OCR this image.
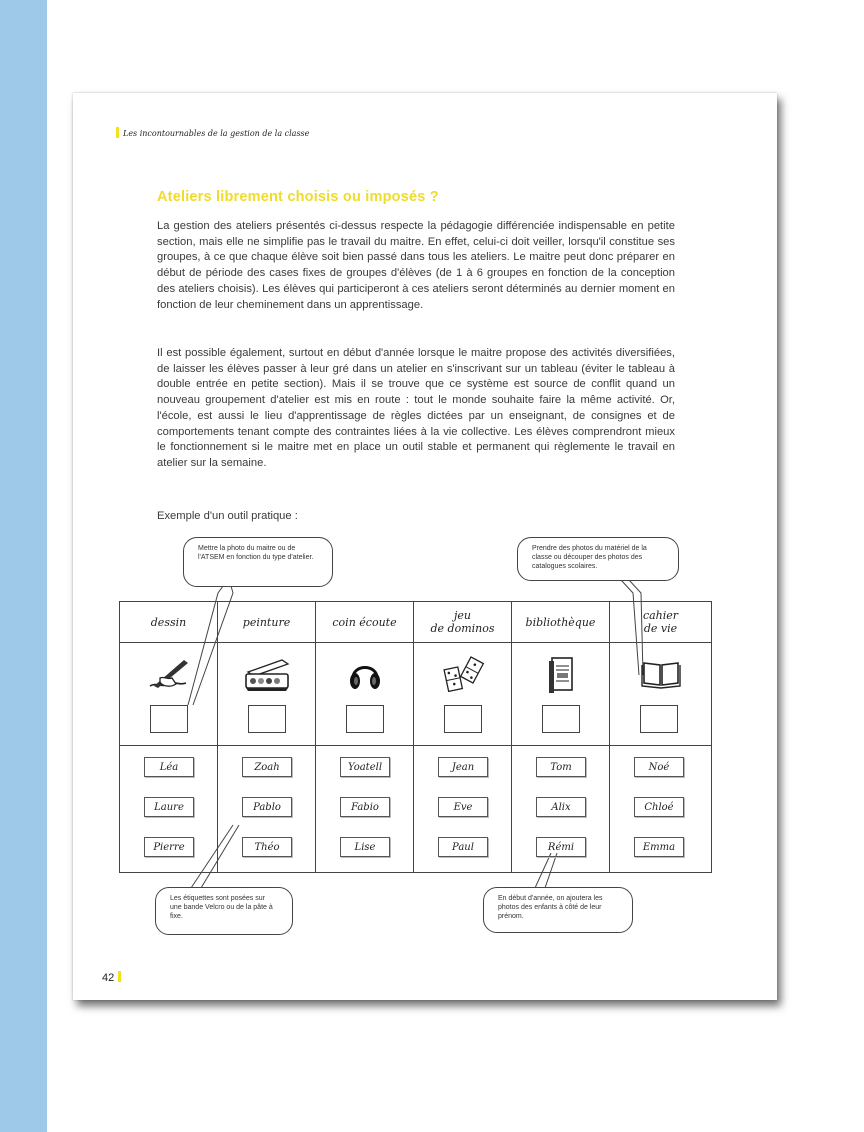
Les incontournables de la gestion de la classe
Ateliers librement choisis ou imposés ?

La gestion des ateliers présentés ci-dessus respecte la pédagogie différenciée indispensable en petite section, mais elle ne simplifie pas le travail du maitre. En effet, celui-ci doit veiller, lorsqu'il constitue ses groupes, à ce que chaque élève soit bien passé dans tous les ateliers. Le maitre peut donc préparer en début de période des cases fixes de groupes d'élèves (de 1 à 6 groupes en fonction de la conception des ateliers choisis). Les élèves qui participeront à ces ateliers seront déterminés au dernier moment en fonction de leur cheminement dans un apprentissage.

Il est possible également, surtout en début d'année lorsque le maitre propose des activités diversifiées, de laisser les élèves passer à leur gré dans un atelier en s'inscrivant sur un tableau (éviter le tableau à double entrée en petite section). Mais il se trouve que ce système est source de conflit quand un nouveau groupement d'atelier est mis en route : tout le monde souhaite faire la même activité. Or, l'école, est aussi le lieu d'apprentissage de règles dictées par un enseignant, de consignes et de comportements tenant compte des contraintes liées à la vie collective. Les élèves comprendront mieux le fonctionnement si le maitre met en place un outil stable et permanent qui règlemente le travail en atelier sur la semaine.

Exemple d'un outil pratique :

dessin
Léa
Laure
Pierre
peinture
Zoah
Pablo
Théo
coin écoute
Yoatell
Fabio
Lise
jeu
de dominos
Jean
Eve
Paul
bibliothèque
Tom
Alix
Rémi
cahier
de vie
Noé
Chloé
Emma
Mettre la photo du maitre ou de l'ATSEM en fonction du type d'atelier.
Prendre des photos du matériel de la classe ou découper des photos des catalogues scolaires.
Les étiquettes sont posées sur une bande Velcro ou de la pâte à fixe.
En début d'année, on ajoutera les photos des enfants à côté de leur prénom.
42
